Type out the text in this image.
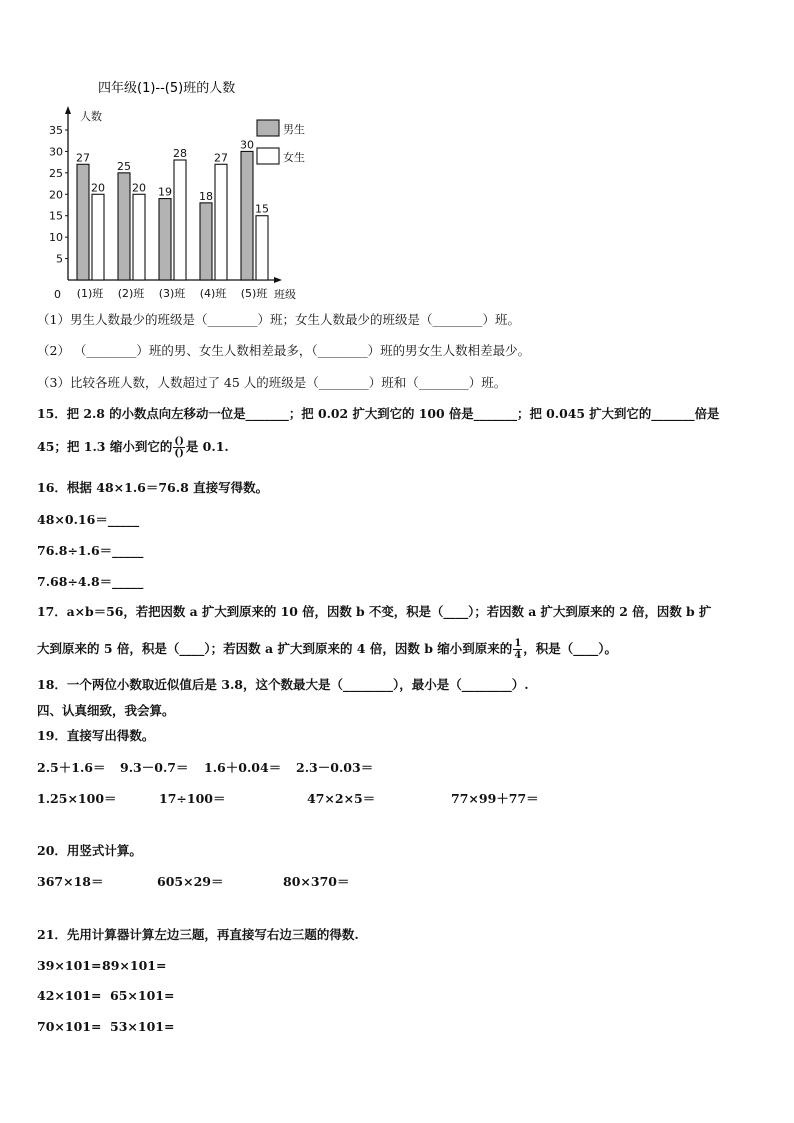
四年级(1)--(5)班的人数
人数
班级
0
5
10
15
20
25
30
35
27
20
25
20 19
28
18
27
30
15
(1)班 (2)班 (3)班 (4)班 (5)班
男生
女生
（1）男生人数最少的班级是（________）班；女生人数最少的班级是（________）班。
（2） （________）班的男、女生人数相差最多，（________）班的男女生人数相差最少。
（3）比较各班人数，人数超过了 45 人的班级是（________）班和（________）班。
15．把 2.8 的小数点向左移动一位是_______；把 0.02 扩大到它的 100 倍是_______；把 0.045 扩大到它的_______倍是
45；把 1.3 缩小到它的 $\frac{()}{()}$ 是 0.1.
16．根据 48×1.6＝76.8 直接写得数。
48×0.16＝_____
76.8÷1.6＝_____
7.68÷4.8＝_____
17．a×b＝56，若把因数 a 扩大到原来的 10 倍，因数 b 不变，积是（____）；若因数 a 扩大到原来的 2 倍，因数 b 扩
大到原来的 5 倍，积是（____）；若因数 a 扩大到原来的 4 倍，因数 b 缩小到原来的 $\frac{1}{4}$ ，积是（____）。
18．一个两位小数取近似值后是 3.8，这个数最大是（________），最小是（________）.
四、认真细致，我会算。
19．直接写出得数。
2.5＋1.6＝ 9.3－0.7＝ 1.6＋0.04＝ 2.3－0.03＝
1.25×100＝	17÷100＝	47×2×5＝	77×99＋77＝
20．用竖式计算。
367×18＝	605×29＝	80×370＝
21．先用计算器计算左边三题，再直接写右边三题的得数.
39×101= 89×101=
42×101= 65×101=
70×101= 53×101=
